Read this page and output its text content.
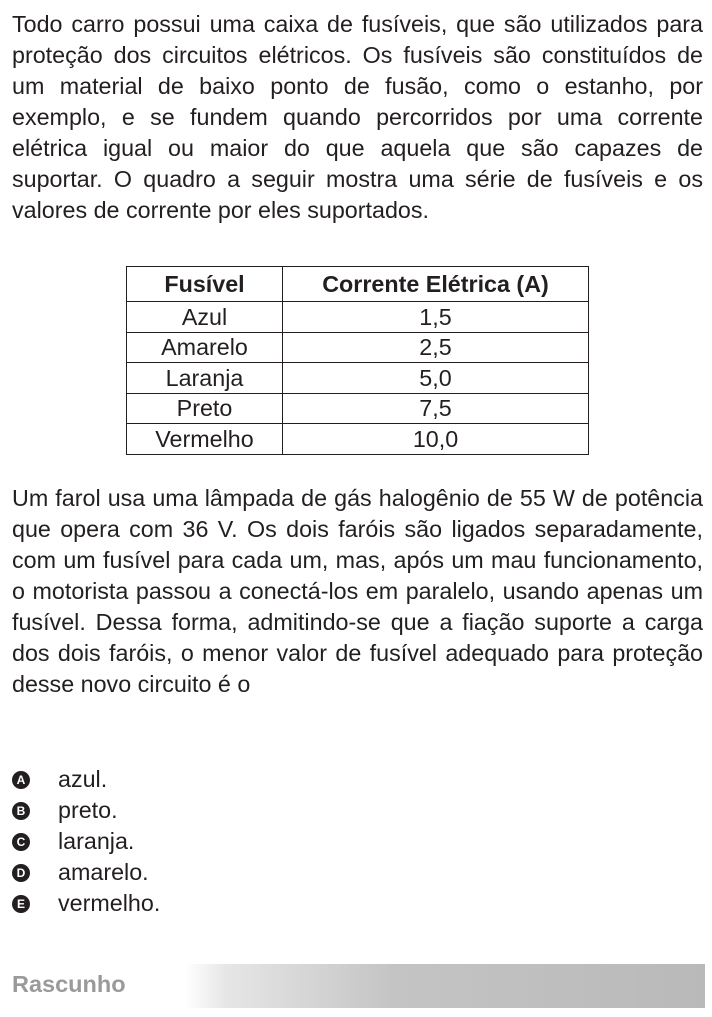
Todo carro possui uma caixa de fusíveis, que são utilizados para proteção dos circuitos elétricos. Os fusíveis são constituídos de um material de baixo ponto de fusão, como o estanho, por exemplo, e se fundem quando percorridos por uma corrente elétrica igual ou maior do que aquela que são capazes de suportar. O quadro a seguir mostra uma série de fusíveis e os valores de corrente por eles suportados.

Fusível	Corrente Elétrica (A)
Azul	1,5
Amarelo	2,5
Laranja	5,0
Preto	7,5
Vermelho	10,0

Um farol usa uma lâmpada de gás halogênio de 55 W de potência que opera com 36 V. Os dois faróis são ligados separadamente, com um fusível para cada um, mas, após um mau funcionamento, o motorista passou a conectá-los em paralelo, usando apenas um fusível. Dessa forma, admitindo-se que a fiação suporte a carga dos dois faróis, o menor valor de fusível adequado para proteção desse novo circuito é o

A azul.
B preto.
C laranja.
D amarelo.
E vermelho.
Rascunho
